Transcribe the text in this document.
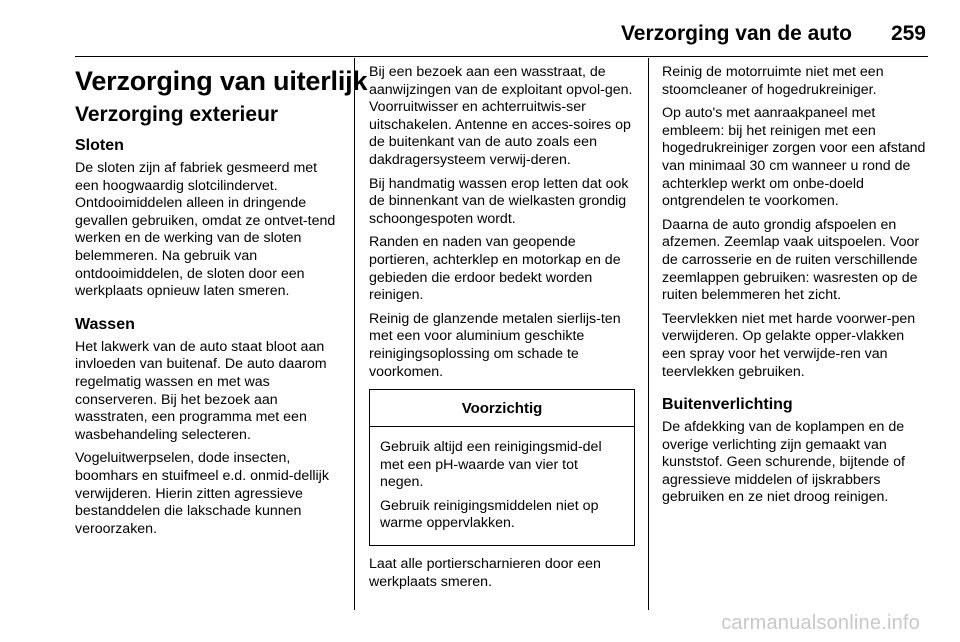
Verzorging van de auto 259
Verzorging van uiterlijk
Verzorging exterieur
Sloten

De sloten zijn af fabriek gesmeerd met een hoogwaardig slotcilindervet. Ontdooimiddelen alleen in dringende gevallen gebruiken, omdat ze ontvet-tend werken en de werking van de sloten belemmeren. Na gebruik van ontdooimiddelen, de sloten door een werkplaats opnieuw laten smeren.

Wassen

Het lakwerk van de auto staat bloot aan invloeden van buitenaf. De auto daarom regelmatig wassen en met was conserveren. Bij het bezoek aan wasstraten, een programma met een wasbehandeling selecteren.

Vogeluitwerpselen, dode insecten, boomhars en stuifmeel e.d. onmid-dellijk verwijderen. Hierin zitten agressieve bestanddelen die lakschade kunnen veroorzaken.

Bij een bezoek aan een wasstraat, de aanwijzingen van de exploitant opvol-gen. Voorruitwisser en achterruitwis-ser uitschakelen. Antenne en acces-soires op de buitenkant van de auto zoals een dakdragersysteem verwij-deren.

Bij handmatig wassen erop letten dat ook de binnenkant van de wielkasten grondig schoongespoten wordt.

Randen en naden van geopende portieren, achterklep en motorkap en de gebieden die erdoor bedekt worden reinigen.

Reinig de glanzende metalen sierlijs-ten met een voor aluminium geschikte reinigingsoplossing om schade te voorkomen.

Voorzichtig

Gebruik altijd een reinigingsmid-del met een pH-waarde van vier tot negen.

Gebruik reinigingsmiddelen niet op warme oppervlakken.

Laat alle portierscharnieren door een werkplaats smeren.

Reinig de motorruimte niet met een stoomcleaner of hogedrukreiniger.

Op auto's met aanraakpaneel met embleem: bij het reinigen met een hogedrukreiniger zorgen voor een afstand van minimaal 30 cm wanneer u rond de achterklep werkt om onbe-doeld ontgrendelen te voorkomen.

Daarna de auto grondig afspoelen en afzemen. Zeemlap vaak uitspoelen. Voor de carrosserie en de ruiten verschillende zeemlappen gebruiken: wasresten op de ruiten belemmeren het zicht.

Teervlekken niet met harde voorwer-pen verwijderen. Op gelakte opper-vlakken een spray voor het verwijde-ren van teervlekken gebruiken.

Buitenverlichting

De afdekking van de koplampen en de overige verlichting zijn gemaakt van kunststof. Geen schurende, bijtende of agressieve middelen of ijskrabbers gebruiken en ze niet droog reinigen.

carmanualsonline.info
